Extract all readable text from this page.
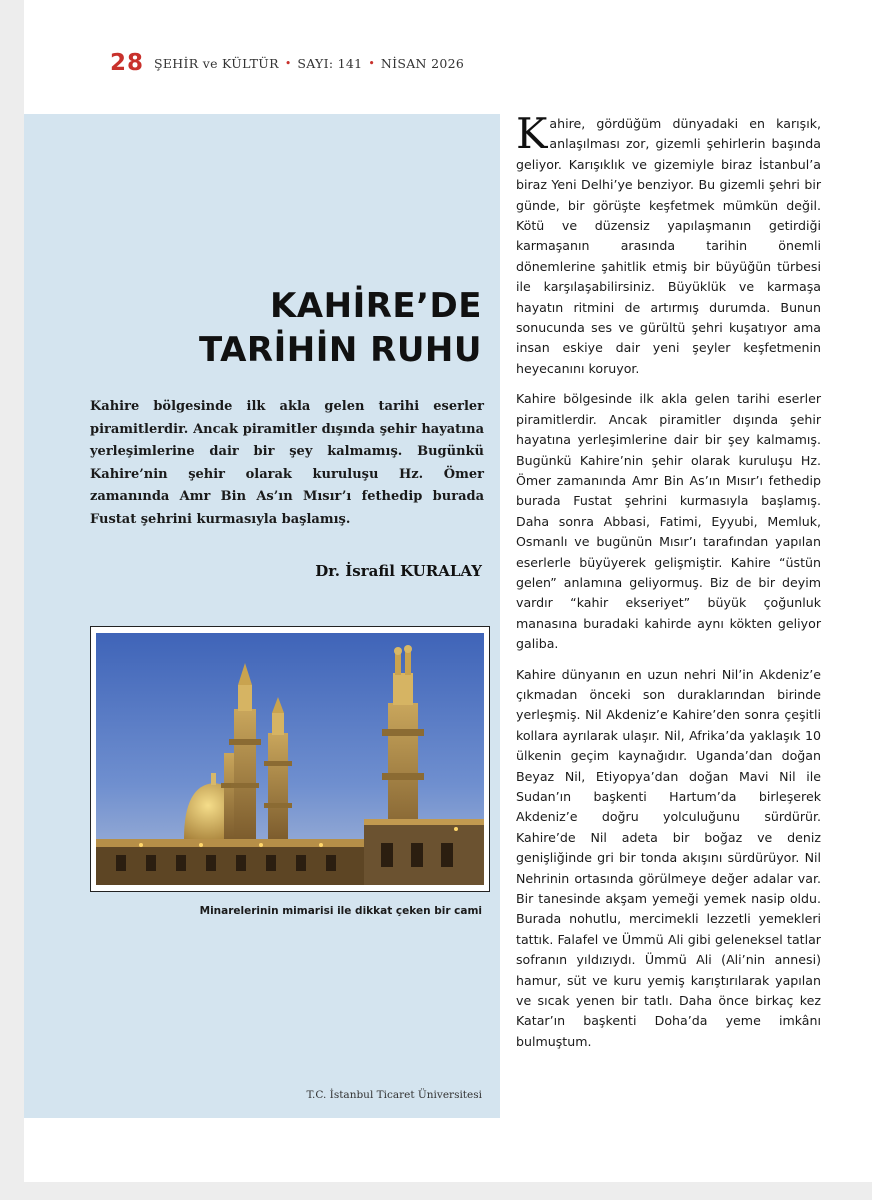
28 ŞEHİR ve KÜLTÜR • SAYI: 141 • NİSAN 2026
KAHİRE’DE
TARİHİN RUHU
Kahire bölgesinde ilk akla gelen tarihi eserler piramitlerdir. Ancak piramitler dışında şehir hayatına yerleşimlerine dair bir şey kalmamış. Bugünkü Kahire’nin şehir olarak kuruluşu Hz. Ömer zamanında Amr Bin As’ın Mısır’ı fethedip burada Fustat şehrini kurmasıyla başlamış.
Dr. İsrafil KURALAY
Minarelerinin mimarisi ile dikkat çeken bir cami
T.C. İstanbul Ticaret Üniversitesi

Kahire, gördüğüm dünyadaki en karışık, anlaşılması zor, gizemli şehirlerin başında geliyor. Karışıklık ve gizemiyle biraz İstanbul’a biraz Yeni Delhi’ye benziyor. Bu gizemli şehri bir günde, bir görüşte keşfetmek mümkün değil. Kötü ve düzensiz yapılaşmanın getirdiği karmaşanın arasında tarihin önemli dönemlerine şahitlik etmiş bir büyüğün türbesi ile karşılaşabilirsiniz. Büyüklük ve karmaşa hayatın ritmini de artırmış durumda. Bunun sonucunda ses ve gürültü şehri kuşatıyor ama insan eskiye dair yeni şeyler keşfetmenin heyecanını koruyor.

Kahire bölgesinde ilk akla gelen tarihi eserler piramitlerdir. Ancak piramitler dışında şehir hayatına yerleşimlerine dair bir şey kalmamış. Bugünkü Kahire’nin şehir olarak kuruluşu Hz. Ömer zamanında Amr Bin As’ın Mısır’ı fethedip burada Fustat şehrini kurmasıyla başlamış. Daha sonra Abbasi, Fatimi, Eyyubi, Memluk, Osmanlı ve bugünün Mısır’ı tarafından yapılan eserlerle büyüyerek gelişmiştir. Kahire “üstün gelen” anlamına geliyormuş. Biz de bir deyim vardır “kahir ekseriyet” büyük çoğunluk manasına buradaki kahirde aynı kökten geliyor galiba.

Kahire dünyanın en uzun nehri Nil’in Akdeniz’e çıkmadan önceki son duraklarından birinde yerleşmiş. Nil Akdeniz’e Kahire’den sonra çeşitli kollara ayrılarak ulaşır. Nil, Afrika’da yaklaşık 10 ülkenin geçim kaynağıdır. Uganda’dan doğan Beyaz Nil, Etiyopya’dan doğan Mavi Nil ile Sudan’ın başkenti Hartum’da birleşerek Akdeniz’e doğru yolculuğunu sürdürür. Kahire’de Nil adeta bir boğaz ve deniz genişliğinde gri bir tonda akışını sürdürüyor. Nil Nehrinin ortasında görülmeye değer adalar var. Bir tanesinde akşam yemeği yemek nasip oldu. Burada nohutlu, mercimekli lezzetli yemekleri tattık. Falafel ve Ümmü Ali gibi geleneksel tatlar sofranın yıldızıydı. Ümmü Ali (Ali’nin annesi) hamur, süt ve kuru yemiş karıştırılarak yapılan ve sıcak yenen bir tatlı. Daha önce birkaç kez Katar’ın başkenti Doha’da yeme imkânı bulmuştum.
